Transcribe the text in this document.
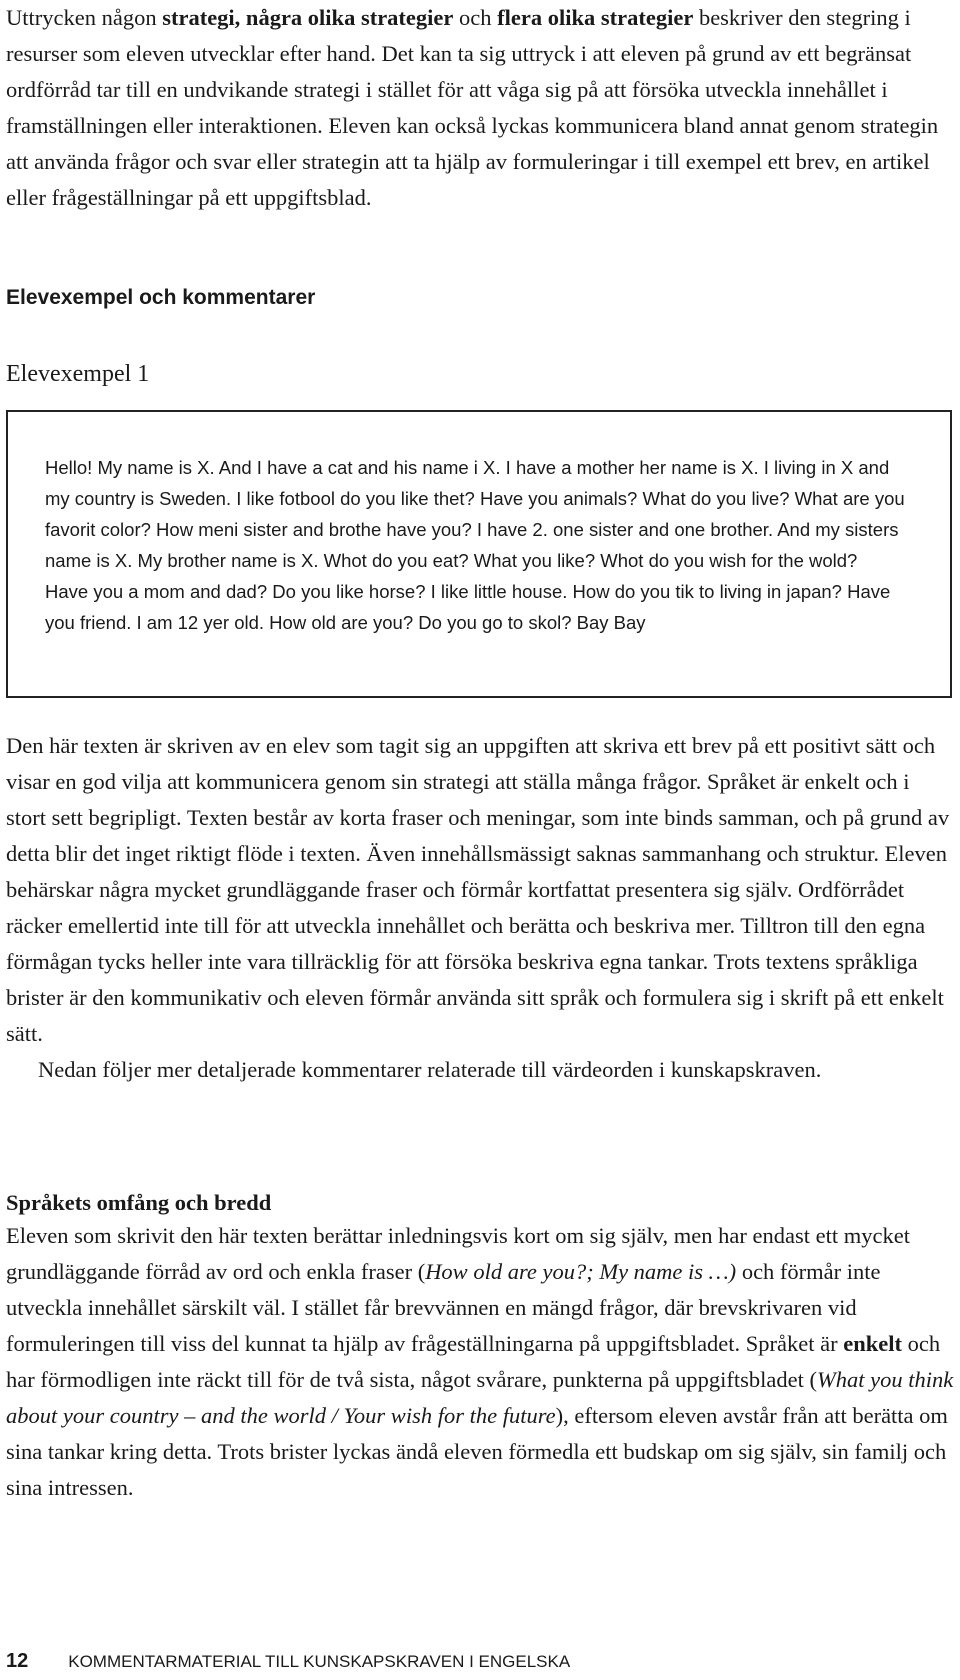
Uttrycken någon strategi, några olika strategier och flera olika strategier beskriver den stegring i resurser som eleven utvecklar efter hand. Det kan ta sig uttryck i att eleven på grund av ett begränsat ordförråd tar till en undvikande strategi i stället för att våga sig på att försöka utveckla innehållet i framställningen eller interaktionen. Eleven kan också lyckas kommunicera bland annat genom strategin att använda frågor och svar eller strategin att ta hjälp av formuleringar i till exempel ett brev, en artikel eller frågeställningar på ett uppgiftsblad.

Elevexempel och kommentarer
Elevexempel 1

Hello! My name is X. And I have a cat and his name i X. I have a mother her name is X. I living in X and my country is Sweden. I like fotbool do you like thet? Have you animals? What do you live? What are you favorit color? How meni sister and brothe have you? I have 2. one sister and one brother. And my sisters name is X. My brother name is X. Whot do you eat? What you like? Whot do you wish for the wold? Have you a mom and dad? Do you like horse? I like little house. How do you tik to living in japan? Have you friend. I am 12 yer old. How old are you? Do you go to skol? Bay Bay

Den här texten är skriven av en elev som tagit sig an uppgiften att skriva ett brev på ett positivt sätt och visar en god vilja att kommunicera genom sin strategi att ställa många frågor. Språket är enkelt och i stort sett begripligt. Texten består av korta fraser och meningar, som inte binds samman, och på grund av detta blir det inget riktigt flöde i texten. Även innehållsmässigt saknas sammanhang och struktur. Eleven behärskar några mycket grundläggande fraser och förmår kortfattat presentera sig själv. Ordförrådet räcker emellertid inte till för att utveckla innehållet och berätta och beskriva mer. Tilltron till den egna förmågan tycks heller inte vara tillräcklig för att försöka beskriva egna tankar. Trots textens språkliga brister är den kommunikativ och eleven förmår använda sitt språk och formulera sig i skrift på ett enkelt sätt.

Nedan följer mer detaljerade kommentarer relaterade till värdeorden i kunskapskraven.

Språkets omfång och bredd

Eleven som skrivit den här texten berättar inledningsvis kort om sig själv, men har endast ett mycket grundläggande förråd av ord och enkla fraser (How old are you?; My name is …) och förmår inte utveckla innehållet särskilt väl. I stället får brevvännen en mängd frågor, där brevskrivaren vid formuleringen till viss del kunnat ta hjälp av frågeställningarna på uppgiftsbladet. Språket är enkelt och har förmodligen inte räckt till för de två sista, något svårare, punkterna på uppgiftsbladet (What you think about your country – and the world / Your wish for the future), eftersom eleven avstår från att berätta om sina tankar kring detta. Trots brister lyckas ändå eleven förmedla ett budskap om sig själv, sin familj och sina intressen.

12 KOMMENTARMATERIAL TILL KUNSKAPSKRAVEN I ENGELSKA
